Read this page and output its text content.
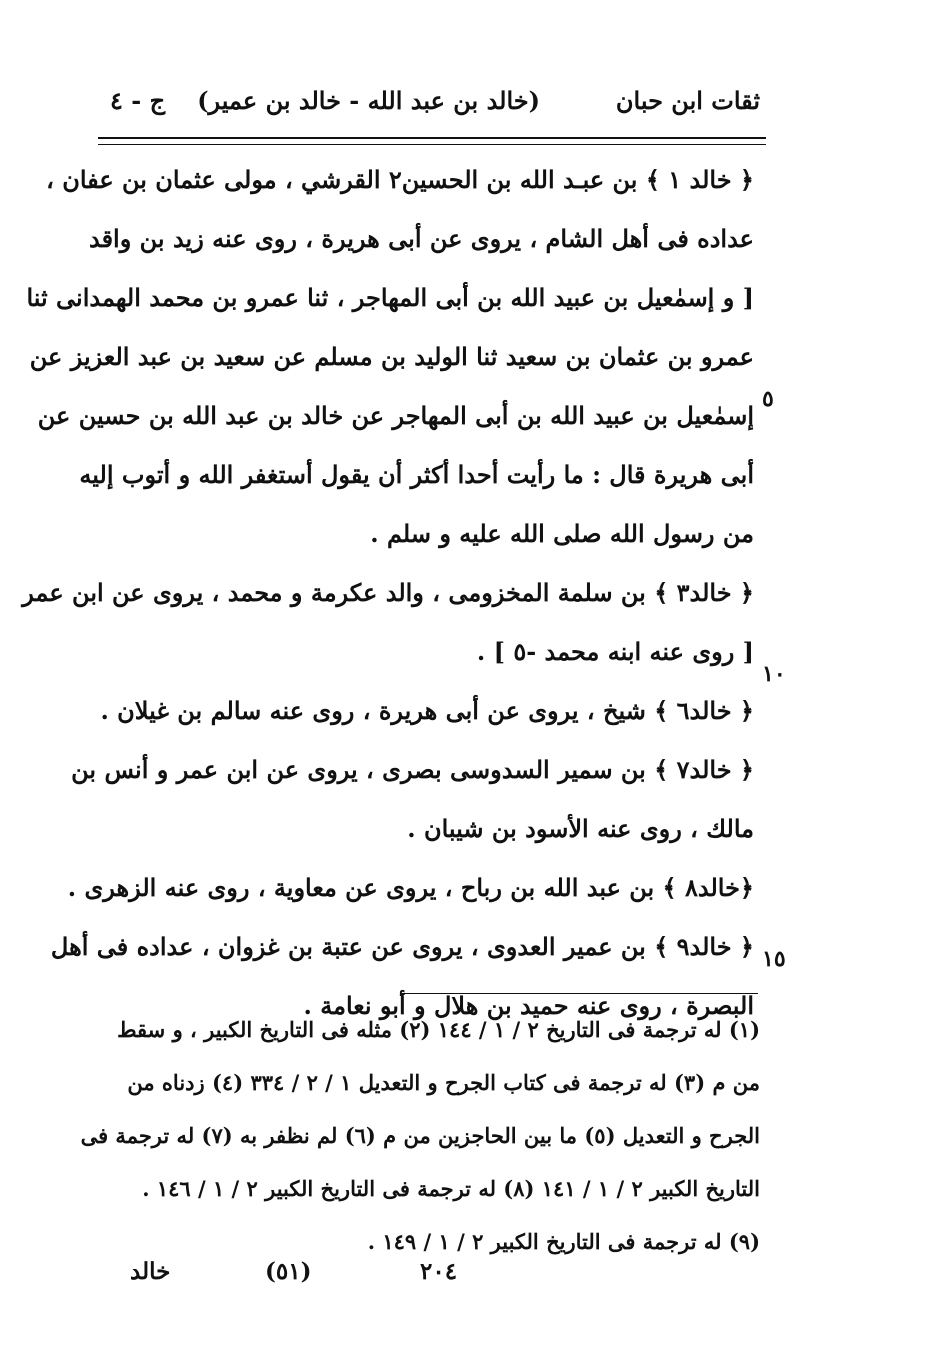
ثقات ابن حبان
(خالد بن عبد الله - خالد بن عمير)
ج - ٤
﴿ خالد ١ ﴾ بن عبـد الله بن الحسين٢ القرشي ، مولى عثمان بن عفان ،
عداده فى أهل الشام ، يروى عن أبى هريرة ، روى عنه زيد بن واقد
[ و إسمٰعيل بن عبيد الله بن أبى المهاجر ، ثنا عمرو بن محمد الهمدانى ثنا
عمرو بن عثمان بن سعيد ثنا الوليد بن مسلم عن سعيد بن عبد العزيز عن
إسمٰعيل بن عبيد الله بن أبى المهاجر عن خالد بن عبد الله بن حسين عن
أبى هريرة قال : ما رأيت أحدا أكثر أن يقول أستغفر الله و أتوب إليه
من رسول الله صلى الله عليه و سلم .
﴿ خالد٣ ﴾ بن سلمة المخزومى ، والد عكرمة و محمد ، يروى عن ابن عمر
[ روى عنه ابنه محمد -٥ ] .
﴿ خالد٦ ﴾ شيخ ، يروى عن أبى هريرة ، روى عنه سالم بن غيلان .
﴿ خالد٧ ﴾ بن سمير السدوسى بصرى ، يروى عن ابن عمر و أنس بن
مالك ، روى عنه الأسود بن شيبان .
﴿خالد٨ ﴾ بن عبد الله بن رباح ، يروى عن معاوية ، روى عنه الزهرى .
﴿ خالد٩ ﴾ بن عمير العدوى ، يروى عن عتبة بن غزوان ، عداده فى أهل
البصرة ، روى عنه حميد بن هلال و أبو نعامة .
٥
١٠
١٥
(١) له ترجمة فى التاريخ ٢ / ١ / ١٤٤ (٢) مثله فى التاريخ الكبير ، و سقط
من م (٣) له ترجمة فى كتاب الجرح و التعديل ١ / ٢ / ٣٣٤ (٤) زدناه من
الجرح و التعديل (٥) ما بين الحاجزين من م (٦) لم نظفر به (٧) له ترجمة فى
التاريخ الكبير ٢ / ١ / ١٤١ (٨) له ترجمة فى التاريخ الكبير ٢ / ١ / ١٤٦ .
(٩) له ترجمة فى التاريخ الكبير ٢ / ١ / ١٤٩ .
خالد	(٥١)	٢٠٤
